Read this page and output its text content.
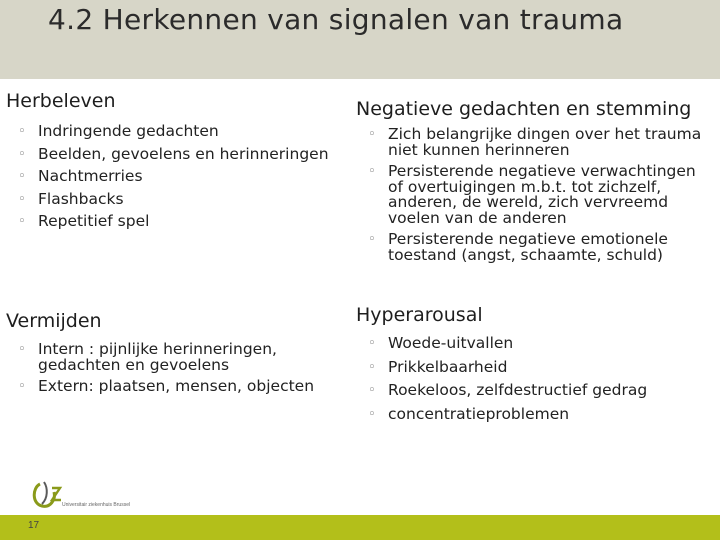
4.2 Herkennen van signalen van trauma
Herbeleven
◦ Indringende gedachten
◦ Beelden, gevoelens en herinneringen
◦ Nachtmerries
◦ Flashbacks
◦ Repetitief spel
Negatieve gedachten en stemming
◦ Zich belangrijke dingen over het trauma niet kunnen herinneren
◦ Persisterende negatieve verwachtingen of overtuigingen m.b.t. tot zichzelf, anderen, de wereld, zich vervreemd voelen van de anderen
◦ Persisterende negatieve emotionele toestand (angst, schaamte, schuld)
Vermijden
◦ Intern : pijnlijke herinneringen, gedachten en gevoelens
◦ Extern: plaatsen, mensen, objecten
Hyperarousal
◦ Woede-uitvallen
◦ Prikkelbaarheid
◦ Roekeloos, zelfdestructief gedrag
◦ concentratieproblemen
Universitair ziekenhuis Brussel
17
